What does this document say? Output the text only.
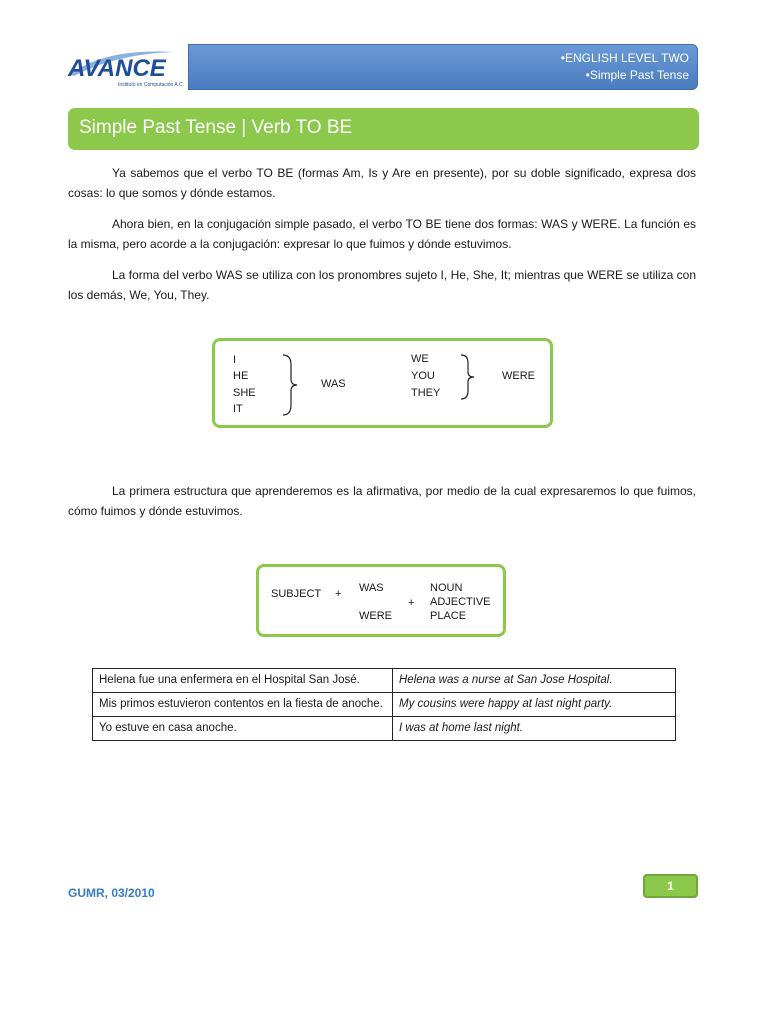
AVANCE
Instituto en Computación A.C.
•ENGLISH LEVEL TWO
•Simple Past Tense
Simple Past Tense | Verb TO BE
Ya sabemos que el verbo TO BE (formas Am, Is y Are en presente), por su doble significado, expresa dos cosas: lo que somos y dónde estamos.
Ahora bien, en la conjugación simple pasado, el verbo TO BE tiene dos formas: WAS y WERE. La función es la misma, pero acorde a la conjugación: expresar lo que fuimos y dónde estuvimos.
La forma del verbo WAS se utiliza con los pronombres sujeto I, He, She, It; mientras que WERE se utiliza con los demás, We, You, They.
I
HE
SHE
IT
WAS
WE
YOU
THEY
WERE
La primera estructura que aprenderemos es la afirmativa, por medio de la cual expresaremos lo que fuimos, cómo fuimos y dónde estuvimos.
SUBJECT + WAS
WERE
+
NOUN
ADJECTIVE
PLACE
Helena fue una enfermera en el Hospital San José.	Helena was a nurse at San Jose Hospital.
Mis primos estuvieron contentos en la fiesta de anoche.	My cousins were happy at last night party.
Yo estuve en casa anoche.	I was at home last night.
GUMR, 03/2010	1
